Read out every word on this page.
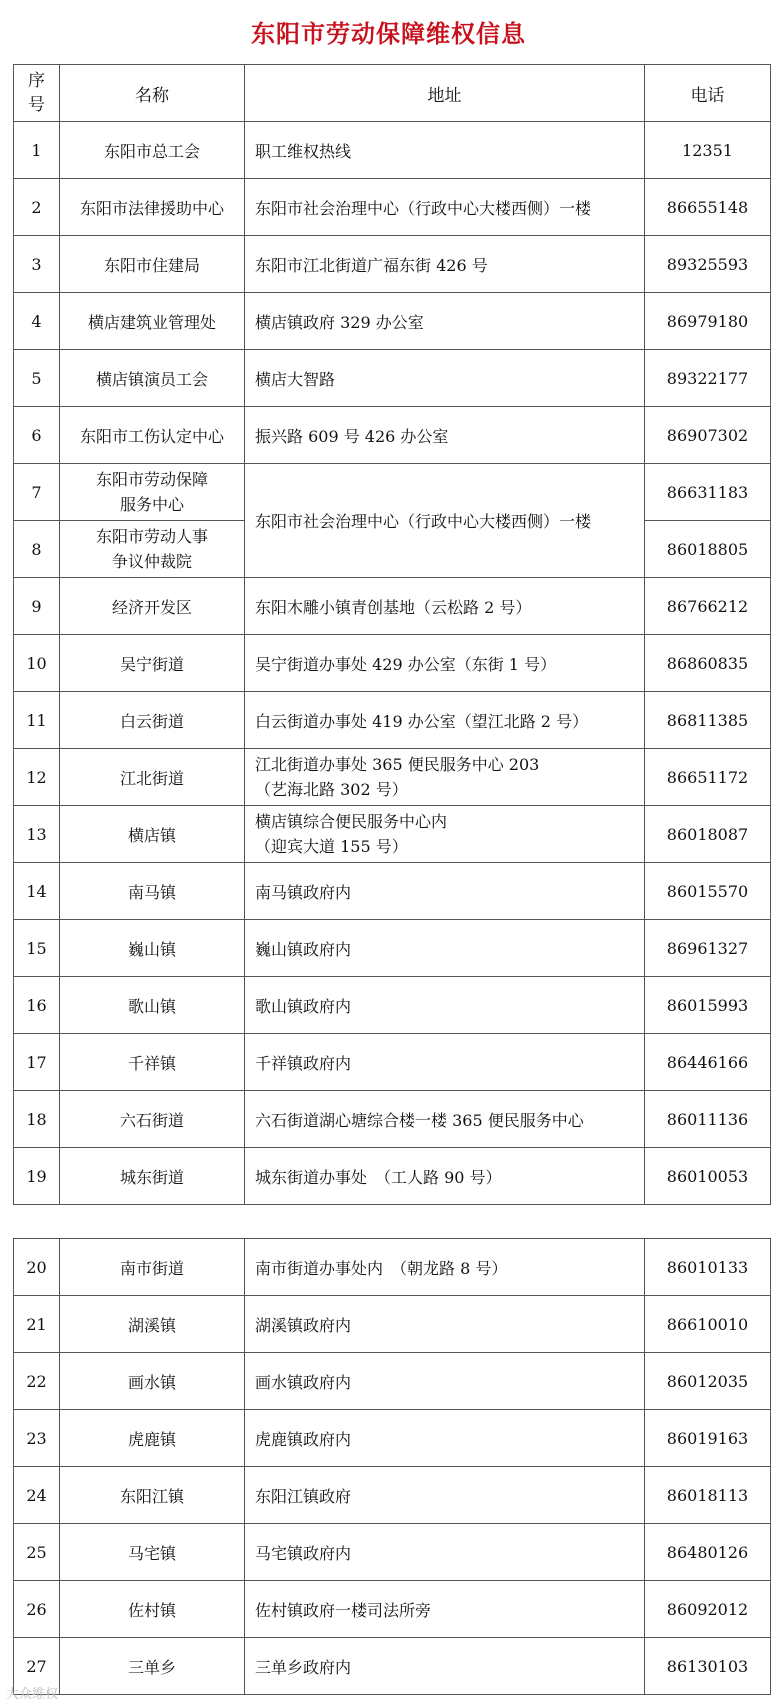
东阳市劳动保障维权信息
序
号	名称	地址	电话
1	东阳市总工会	职工维权热线	12351
2	东阳市法律援助中心	东阳市社会治理中心（行政中心大楼西侧）一楼	86655148
3	东阳市住建局	东阳市江北街道广福东街 426 号	89325593
4	横店建筑业管理处	横店镇政府 329 办公室	86979180
5	横店镇演员工会	横店大智路	89322177
6	东阳市工伤认定中心	振兴路 609 号 426 办公室	86907302
7	东阳市劳动保障
服务中心	东阳市社会治理中心（行政中心大楼西侧）一楼	86631183
8	东阳市劳动人事
争议仲裁院		86018805
9	经济开发区	东阳木雕小镇青创基地（云松路 2 号）	86766212
10	吴宁街道	吴宁街道办事处 429 办公室（东街 1 号）	86860835
11	白云街道	白云街道办事处 419 办公室（望江北路 2 号）	86811385
12	江北街道	江北街道办事处 365 便民服务中心 203
（艺海北路 302 号）	86651172
13	横店镇	横店镇综合便民服务中心内
（迎宾大道 155 号）	86018087
14	南马镇	南马镇政府内	86015570
15	巍山镇	巍山镇政府内	86961327
16	歌山镇	歌山镇政府内	86015993
17	千祥镇	千祥镇政府内	86446166
18	六石街道	六石街道湖心塘综合楼一楼 365 便民服务中心	86011136
19	城东街道	城东街道办事处　（工人路 90 号）	86010053
20	南市街道	南市街道办事处内　（朝龙路 8 号）	86010133
21	湖溪镇	湖溪镇政府内	86610010
22	画水镇	画水镇政府内	86012035
23	虎鹿镇	虎鹿镇政府内	86019163
24	东阳江镇	东阳江镇政府	86018113
25	马宅镇	马宅镇政府内	86480126
26	佐村镇	佐村镇政府一楼司法所旁	86092012
27	三单乡	三单乡政府内	86130103
大众维权
